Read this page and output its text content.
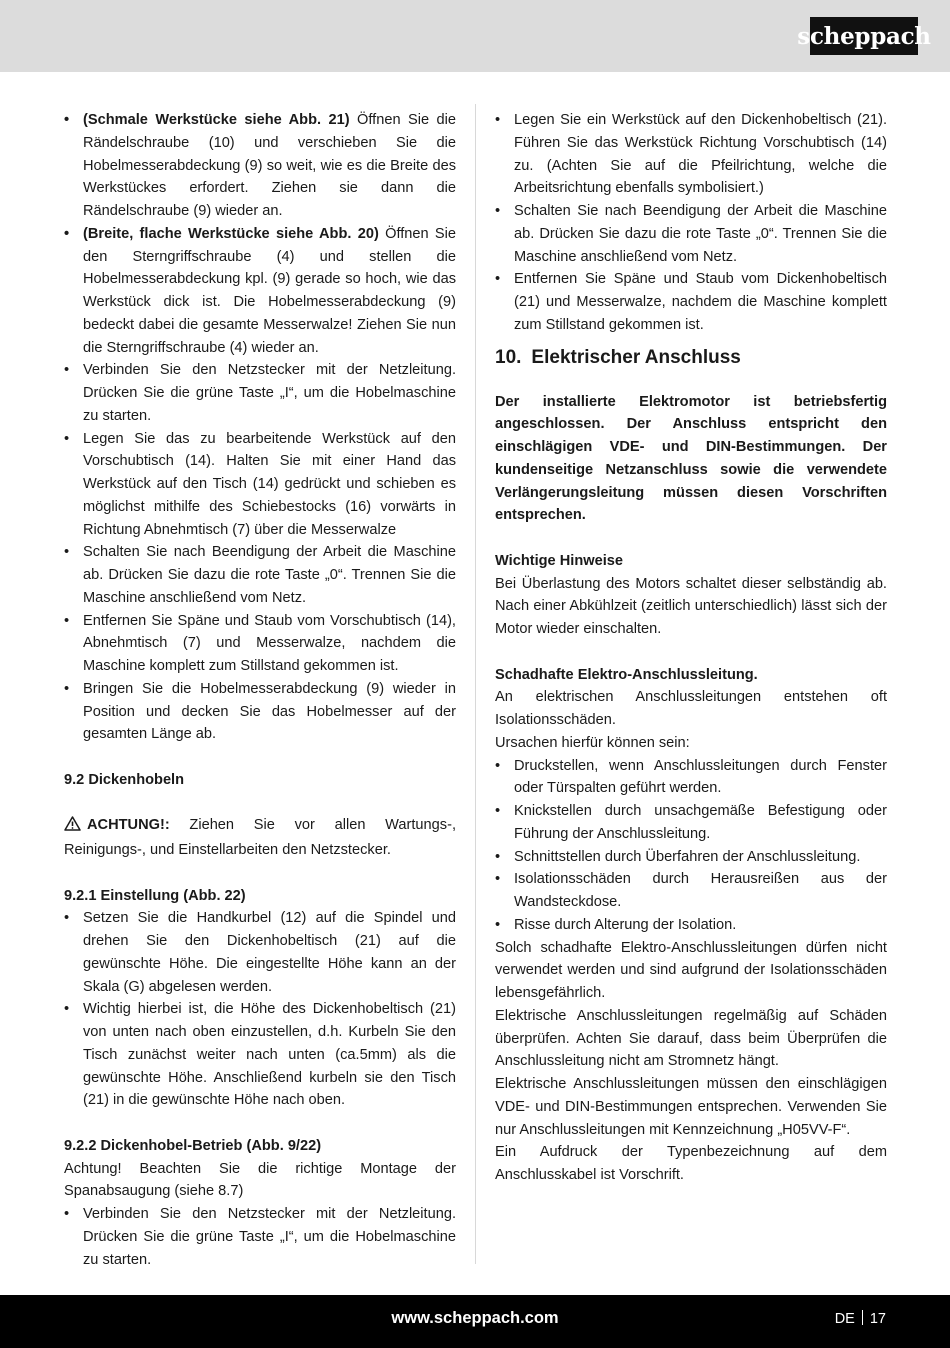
scheppach
• (Schmale Werkstücke siehe Abb. 21) Öffnen Sie die Rändelschraube (10) und verschieben Sie die Hobelmesserabdeckung (9) so weit, wie es die Breite des Werkstückes erfordert. Ziehen sie dann die Rändelschraube (9) wieder an.
• (Breite, flache Werkstücke siehe Abb. 20) Öffnen Sie den Sterngriffschraube (4) und stellen die Hobelmesserabdeckung kpl. (9) gerade so hoch, wie das Werkstück dick ist. Die Hobelmesserabdeckung (9) bedeckt dabei die gesamte Messerwalze! Ziehen Sie nun die Sterngriffschraube (4) wieder an.
• Verbinden Sie den Netzstecker mit der Netzleitung. Drücken Sie die grüne Taste „I“, um die Hobelmaschine zu starten.
• Legen Sie das zu bearbeitende Werkstück auf den Vorschubtisch (14). Halten Sie mit einer Hand das Werkstück auf den Tisch (14) gedrückt und schieben es möglichst mithilfe des Schiebestocks (16) vorwärts in Richtung Abnehmtisch (7) über die Messerwalze
• Schalten Sie nach Beendigung der Arbeit die Maschine ab. Drücken Sie dazu die rote Taste „0“. Trennen Sie die Maschine anschließend vom Netz.
• Entfernen Sie Späne und Staub vom Vorschubtisch (14), Abnehmtisch (7) und Messerwalze, nachdem die Maschine komplett zum Stillstand gekommen ist.
• Bringen Sie die Hobelmesserabdeckung (9) wieder in Position und decken Sie das Hobelmesser auf der gesamten Länge ab.

9.2 Dickenhobeln

ACHTUNG!: Ziehen Sie vor allen Wartungs-, Reinigungs-, und Einstellarbeiten den Netzstecker.

9.2.1 Einstellung (Abb. 22)

• Setzen Sie die Handkurbel (12) auf die Spindel und drehen Sie den Dickenhobeltisch (21) auf die gewünschte Höhe. Die eingestellte Höhe kann an der Skala (G) abgelesen werden.
• Wichtig hierbei ist, die Höhe des Dickenhobeltisch (21) von unten nach oben einzustellen, d.h. Kurbeln Sie den Tisch zunächst weiter nach unten (ca.5mm) als die gewünschte Höhe. Anschließend kurbeln sie den Tisch (21) in die gewünschte Höhe nach oben.

9.2.2 Dickenhobel-Betrieb (Abb. 9/22)

Achtung! Beachten Sie die richtige Montage der Spanabsaugung (siehe 8.7)

• Verbinden Sie den Netzstecker mit der Netzleitung. Drücken Sie die grüne Taste „I“, um die Hobelmaschine zu starten.
• Legen Sie ein Werkstück auf den Dickenhobeltisch (21). Führen Sie das Werkstück Richtung Vorschubtisch (14) zu. (Achten Sie auf die Pfeilrichtung, welche die Arbeitsrichtung ebenfalls symbolisiert.)
• Schalten Sie nach Beendigung der Arbeit die Maschine ab. Drücken Sie dazu die rote Taste „0“. Trennen Sie die Maschine anschließend vom Netz.
• Entfernen Sie Späne und Staub vom Dickenhobeltisch (21) und Messerwalze, nachdem die Maschine komplett zum Stillstand gekommen ist.
10. Elektrischer Anschluss

Der installierte Elektromotor ist betriebsfertig angeschlossen. Der Anschluss entspricht den einschlägigen VDE- und DIN-Bestimmungen. Der kundenseitige Netzanschluss sowie die verwendete Verlängerungsleitung müssen diesen Vorschriften entsprechen.

Wichtige Hinweise

Bei Überlastung des Motors schaltet dieser selbständig ab. Nach einer Abkühlzeit (zeitlich unterschiedlich) lässt sich der Motor wieder einschalten.

Schadhafte Elektro-Anschlussleitung.

An elektrischen Anschlussleitungen entstehen oft Isolationsschäden.

Ursachen hierfür können sein:

• Druckstellen, wenn Anschlussleitungen durch Fenster oder Türspalten geführt werden.
• Knickstellen durch unsachgemäße Befestigung oder Führung der Anschlussleitung.
• Schnittstellen durch Überfahren der Anschlussleitung.
• Isolationsschäden durch Herausreißen aus der Wandsteckdose.
• Risse durch Alterung der Isolation.

Solch schadhafte Elektro-Anschlussleitungen dürfen nicht verwendet werden und sind aufgrund der Isolationsschäden lebensgefährlich.

Elektrische Anschlussleitungen regelmäßig auf Schäden überprüfen. Achten Sie darauf, dass beim Überprüfen die Anschlussleitung nicht am Stromnetz hängt.

Elektrische Anschlussleitungen müssen den einschlägigen VDE- und DIN-Bestimmungen entsprechen. Verwenden Sie nur Anschlussleitungen mit Kennzeichnung „H05VV-F“.

Ein Aufdruck der Typenbezeichnung auf dem Anschlusskabel ist Vorschrift.

www.scheppach.com	DE 17
